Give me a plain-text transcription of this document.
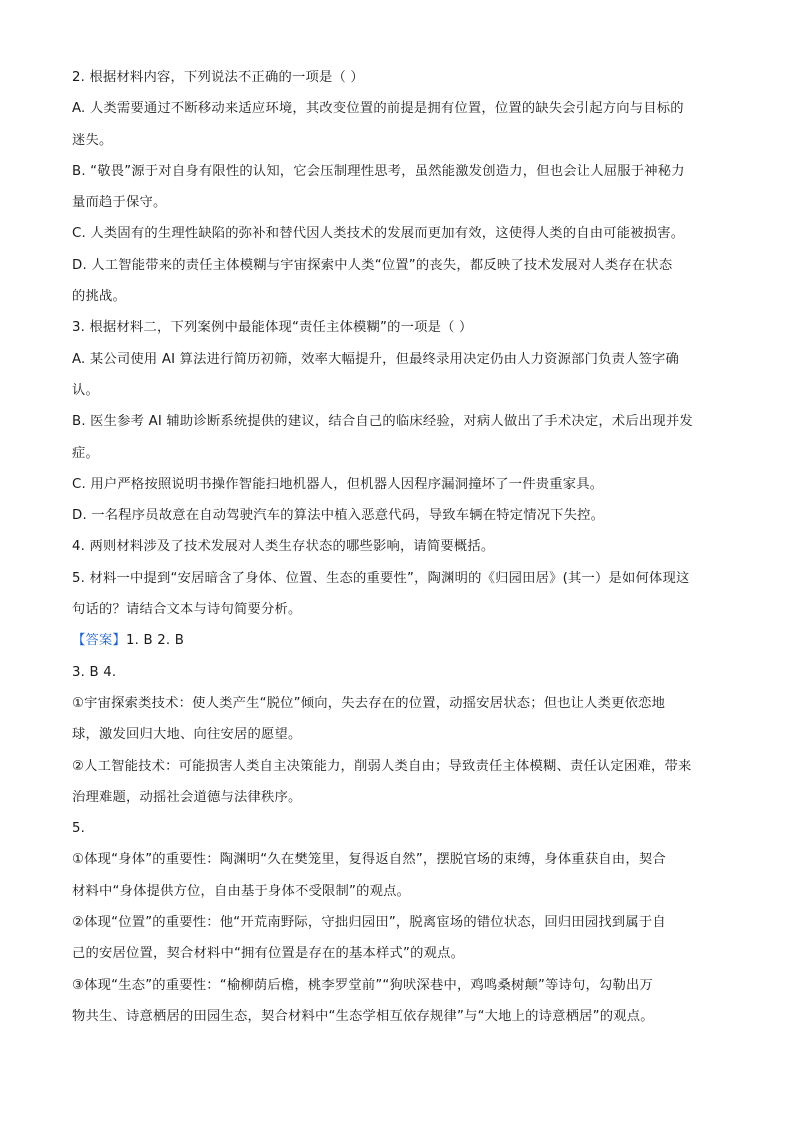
2. 根据材料内容，下列说法不正确的一项是（ ）
A. 人类需要通过不断移动来适应环境，其改变位置的前提是拥有位置，位置的缺失会引起方向与目标的
迷失。
B. “敬畏”源于对自身有限性的认知，它会压制理性思考，虽然能激发创造力，但也会让人屈服于神秘力
量而趋于保守。
C. 人类固有的生理性缺陷的弥补和替代因人类技术的发展而更加有效，这使得人类的自由可能被损害。
D. 人工智能带来的责任主体模糊与宇宙探索中人类“位置”的丧失，都反映了技术发展对人类存在状态
的挑战。
3. 根据材料二，下列案例中最能体现“责任主体模糊”的一项是（ ）
A. 某公司使用 AI 算法进行简历初筛，效率大幅提升，但最终录用决定仍由人力资源部门负责人签字确
认。
B. 医生参考 AI 辅助诊断系统提供的建议，结合自己的临床经验，对病人做出了手术决定，术后出现并发
症。
C. 用户严格按照说明书操作智能扫地机器人，但机器人因程序漏洞撞坏了一件贵重家具。
D. 一名程序员故意在自动驾驶汽车的算法中植入恶意代码，导致车辆在特定情况下失控。
4. 两则材料涉及了技术发展对人类生存状态的哪些影响，请简要概括。
5. 材料一中提到“安居暗含了身体、位置、生态的重要性”，陶渊明的《归园田居》(其一）是如何体现这
句话的？请结合文本与诗句简要分析。
【答案】1. B 2. B
3. B 4.
①宇宙探索类技术：使人类产生“脱位”倾向，失去存在的位置，动摇安居状态；但也让人类更依恋地
球，激发回归大地、向往安居的愿望。
②人工智能技术：可能损害人类自主决策能力，削弱人类自由；导致责任主体模糊、责任认定困难，带来
治理难题，动摇社会道德与法律秩序。
5.
①体现“身体”的重要性：陶渊明“久在樊笼里，复得返自然”，摆脱官场的束缚，身体重获自由，契合
材料中“身体提供方位，自由基于身体不受限制”的观点。
②体现“位置”的重要性：他“开荒南野际，守拙归园田”，脱离宦场的错位状态，回归田园找到属于自
己的安居位置，契合材料中“拥有位置是存在的基本样式”的观点。
③体现“生态”的重要性：“榆柳荫后檐，桃李罗堂前”“狗吠深巷中，鸡鸣桑树颠”等诗句，勾勒出万
物共生、诗意栖居的田园生态，契合材料中“生态学相互依存规律”与“大地上的诗意栖居”的观点。
